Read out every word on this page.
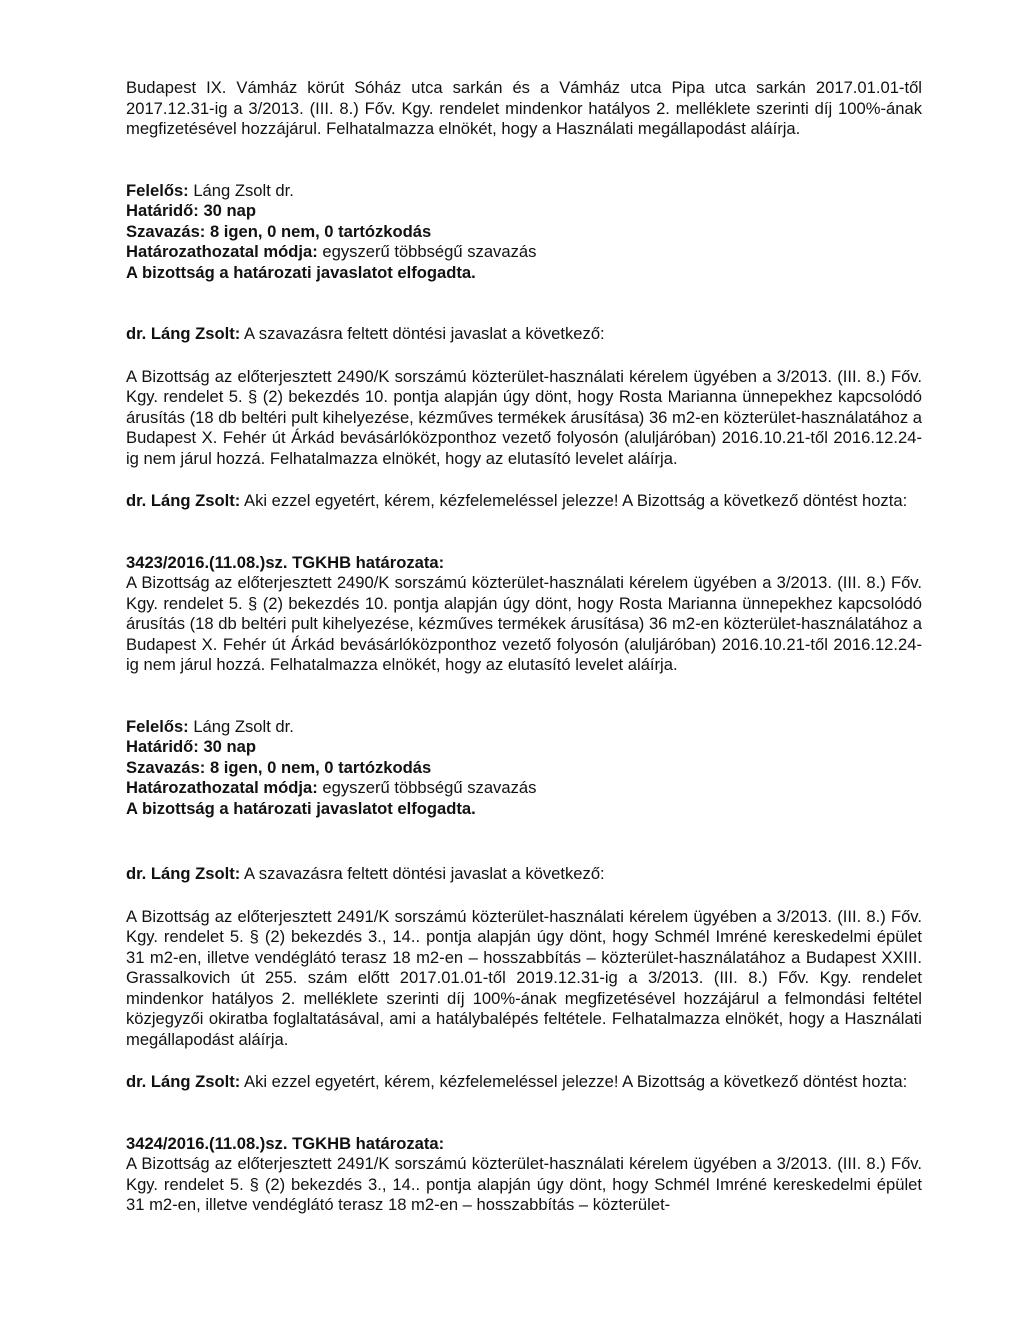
Budapest IX. Vámház körút Sóház utca sarkán és a Vámház utca Pipa utca sarkán 2017.01.01-től 2017.12.31-ig a 3/2013. (III. 8.) Főv. Kgy. rendelet mindenkor hatályos 2. melléklete szerinti díj 100%-ának megfizetésével hozzájárul. Felhatalmazza elnökét, hogy a Használati megállapodást aláírja.

Felelős: Láng Zsolt dr.
Határidő: 30 nap
Szavazás: 8 igen, 0 nem, 0 tartózkodás
Határozathozatal módja: egyszerű többségű szavazás
A bizottság a határozati javaslatot elfogadta.

dr. Láng Zsolt: A szavazásra feltett döntési javaslat a következő:

A Bizottság az előterjesztett 2490/K sorszámú közterület-használati kérelem ügyében a 3/2013. (III. 8.) Főv. Kgy. rendelet 5. § (2) bekezdés 10. pontja alapján úgy dönt, hogy Rosta Marianna ünnepekhez kapcsolódó árusítás (18 db beltéri pult kihelyezése, kézműves termékek árusítása) 36 m2-en közterület-használatához a Budapest X. Fehér út Árkád bevásárlóközponthoz vezető folyosón (aluljáróban) 2016.10.21-től 2016.12.24-ig nem járul hozzá. Felhatalmazza elnökét, hogy az elutasító levelet aláírja.

dr. Láng Zsolt: Aki ezzel egyetért, kérem, kézfelemeléssel jelezze! A Bizottság a következő döntést hozta:

3423/2016.(11.08.)sz. TGKHB határozata:

A Bizottság az előterjesztett 2490/K sorszámú közterület-használati kérelem ügyében a 3/2013. (III. 8.) Főv. Kgy. rendelet 5. § (2) bekezdés 10. pontja alapján úgy dönt, hogy Rosta Marianna ünnepekhez kapcsolódó árusítás (18 db beltéri pult kihelyezése, kézműves termékek árusítása) 36 m2-en közterület-használatához a Budapest X. Fehér út Árkád bevásárlóközponthoz vezető folyosón (aluljáróban) 2016.10.21-től 2016.12.24-ig nem járul hozzá. Felhatalmazza elnökét, hogy az elutasító levelet aláírja.

Felelős: Láng Zsolt dr.
Határidő: 30 nap
Szavazás: 8 igen, 0 nem, 0 tartózkodás
Határozathozatal módja: egyszerű többségű szavazás
A bizottság a határozati javaslatot elfogadta.

dr. Láng Zsolt: A szavazásra feltett döntési javaslat a következő:

A Bizottság az előterjesztett 2491/K sorszámú közterület-használati kérelem ügyében a 3/2013. (III. 8.) Főv. Kgy. rendelet 5. § (2) bekezdés 3., 14.. pontja alapján úgy dönt, hogy Schmél Imréné kereskedelmi épület 31 m2-en, illetve vendéglátó terasz 18 m2-en – hosszabbítás – közterület-használatához a Budapest XXIII. Grassalkovich út 255. szám előtt 2017.01.01-től 2019.12.31-ig a 3/2013. (III. 8.) Főv. Kgy. rendelet mindenkor hatályos 2. melléklete szerinti díj 100%-ának megfizetésével hozzájárul a felmondási feltétel közjegyzői okiratba foglaltatásával, ami a hatálybalépés feltétele. Felhatalmazza elnökét, hogy a Használati megállapodást aláírja.

dr. Láng Zsolt: Aki ezzel egyetért, kérem, kézfelemeléssel jelezze! A Bizottság a következő döntést hozta:

3424/2016.(11.08.)sz. TGKHB határozata:

A Bizottság az előterjesztett 2491/K sorszámú közterület-használati kérelem ügyében a 3/2013. (III. 8.) Főv. Kgy. rendelet 5. § (2) bekezdés 3., 14.. pontja alapján úgy dönt, hogy Schmél Imréné kereskedelmi épület 31 m2-en, illetve vendéglátó terasz 18 m2-en – hosszabbítás – közterület-
